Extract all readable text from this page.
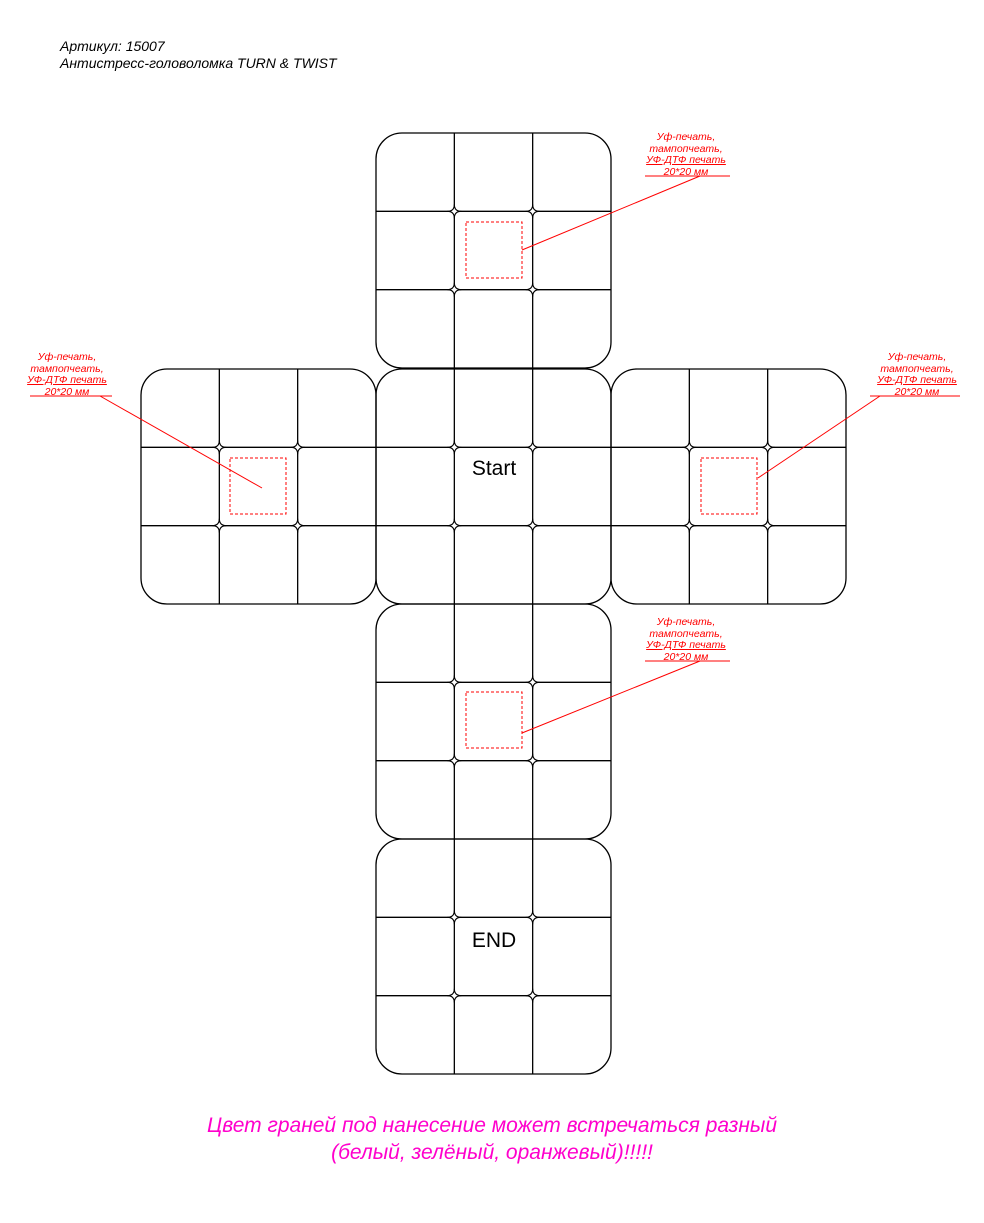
Артикул: 15007
Антистресс-головоломка TURN & TWIST
Start
END
Уф-печать,
тампопчеать,
УФ-ДТФ печать
20*20 мм
Уф-печать,
тампопчеать,
УФ-ДТФ печать
20*20 мм
Уф-печать,
тампопчеать,
УФ-ДТФ печать
20*20 мм
Уф-печать,
тампопчеать,
УФ-ДТФ печать
20*20 мм
Цвет граней под нанесение может встречаться разный
(белый, зелёный, оранжевый)!!!!!
